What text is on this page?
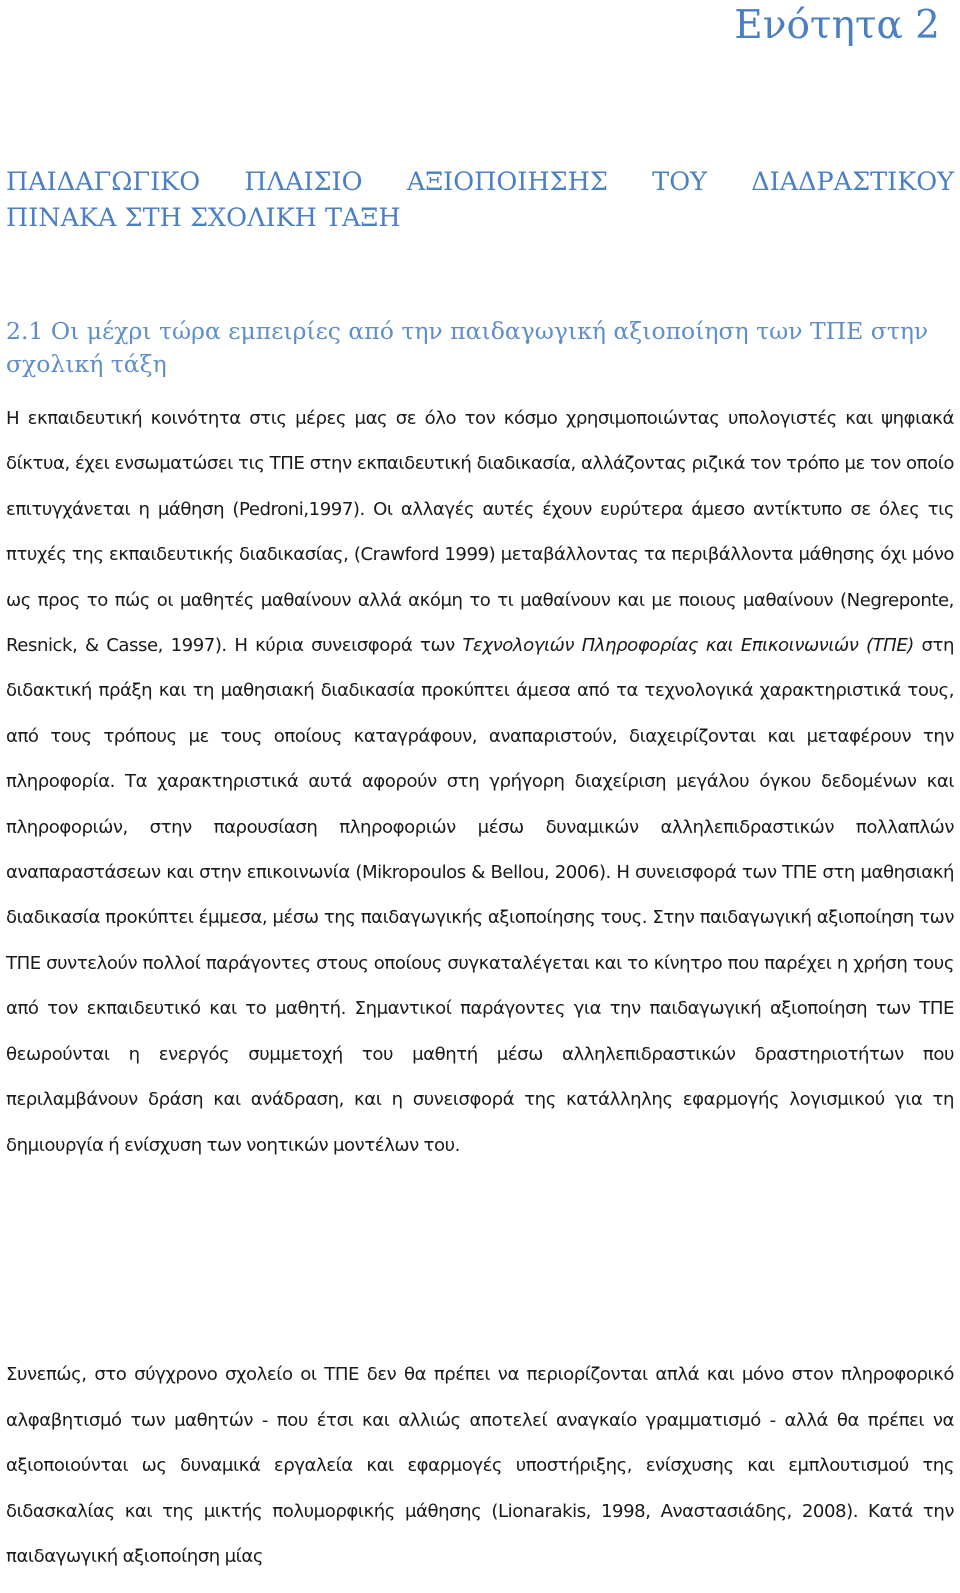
Ενότητα 2
ΠΑΙΔΑΓΩΓΙΚΟ ΠΛΑΙΣΙΟ ΑΞΙΟΠΟΙΗΣΗΣ ΤΟΥ ΔΙΑΔΡΑΣΤΙΚΟΥ
ΠΙΝΑΚΑ ΣΤΗ ΣΧΟΛΙΚΗ ΤΑΞΗ
2.1 Οι μέχρι τώρα εμπειρίες από την παιδαγωγική αξιοποίηση των ΤΠΕ στην σχολική τάξη

Η εκπαιδευτική κοινότητα στις μέρες μας σε όλο τον κόσμο χρησιμοποιώντας υπολογιστές και ψηφιακά δίκτυα, έχει ενσωματώσει τις ΤΠΕ στην εκπαιδευτική διαδικασία, αλλάζοντας ριζικά τον τρόπο με τον οποίο επιτυγχάνεται η μάθηση (Pedroni,1997). Οι αλλαγές αυτές έχουν ευρύτερα άμεσο αντίκτυπο σε όλες τις πτυχές της εκπαιδευτικής διαδικασίας, (Crawford 1999) μεταβάλλοντας τα περιβάλλοντα μάθησης όχι μόνο ως προς το πώς οι μαθητές μαθαίνουν αλλά ακόμη το τι μαθαίνουν και με ποιους μαθαίνουν (Negreponte, Resnick, & Casse, 1997). Η κύρια συνεισφορά των Τεχνολογιών Πληροφορίας και Επικοινωνιών (ΤΠΕ) στη διδακτική πράξη και τη μαθησιακή διαδικασία προκύπτει άμεσα από τα τεχνολογικά χαρακτηριστικά τους, από τους τρόπους με τους οποίους καταγράφουν, αναπαριστούν, διαχειρίζονται και μεταφέρουν την πληροφορία. Τα χαρακτηριστικά αυτά αφορούν στη γρήγορη διαχείριση μεγάλου όγκου δεδομένων και πληροφοριών, στην παρουσίαση πληροφοριών μέσω δυναμικών αλληλεπιδραστικών πολλαπλών αναπαραστάσεων και στην επικοινωνία (Mikropoulos & Bellou, 2006). Η συνεισφορά των ΤΠΕ στη μαθησιακή διαδικασία προκύπτει έμμεσα, μέσω της παιδαγωγικής αξιοποίησης τους. Στην παιδαγωγική αξιοποίηση των ΤΠΕ συντελούν πολλοί παράγοντες στους οποίους συγκαταλέγεται και το κίνητρο που παρέχει η χρήση τους από τον εκπαιδευτικό και το μαθητή. Σημαντικοί παράγοντες για την παιδαγωγική αξιοποίηση των ΤΠΕ θεωρούνται η ενεργός συμμετοχή του μαθητή μέσω αλληλεπιδραστικών δραστηριοτήτων που περιλαμβάνουν δράση και ανάδραση, και η συνεισφορά της κατάλληλης εφαρμογής λογισμικού για τη δημιουργία ή ενίσχυση των νοητικών μοντέλων του.

Συνεπώς, στο σύγχρονο σχολείο οι ΤΠΕ δεν θα πρέπει να περιορίζονται απλά και μόνο στον πληροφορικό αλφαβητισμό των μαθητών - που έτσι και αλλιώς αποτελεί αναγκαίο γραμματισμό - αλλά θα πρέπει να αξιοποιούνται ως δυναμικά εργαλεία και εφαρμογές υποστήριξης, ενίσχυσης και εμπλουτισμού της διδασκαλίας και της μικτής πολυμορφικής μάθησης (Lionarakis, 1998, Αναστασιάδης, 2008). Κατά την παιδαγωγική αξιοποίηση μίας
